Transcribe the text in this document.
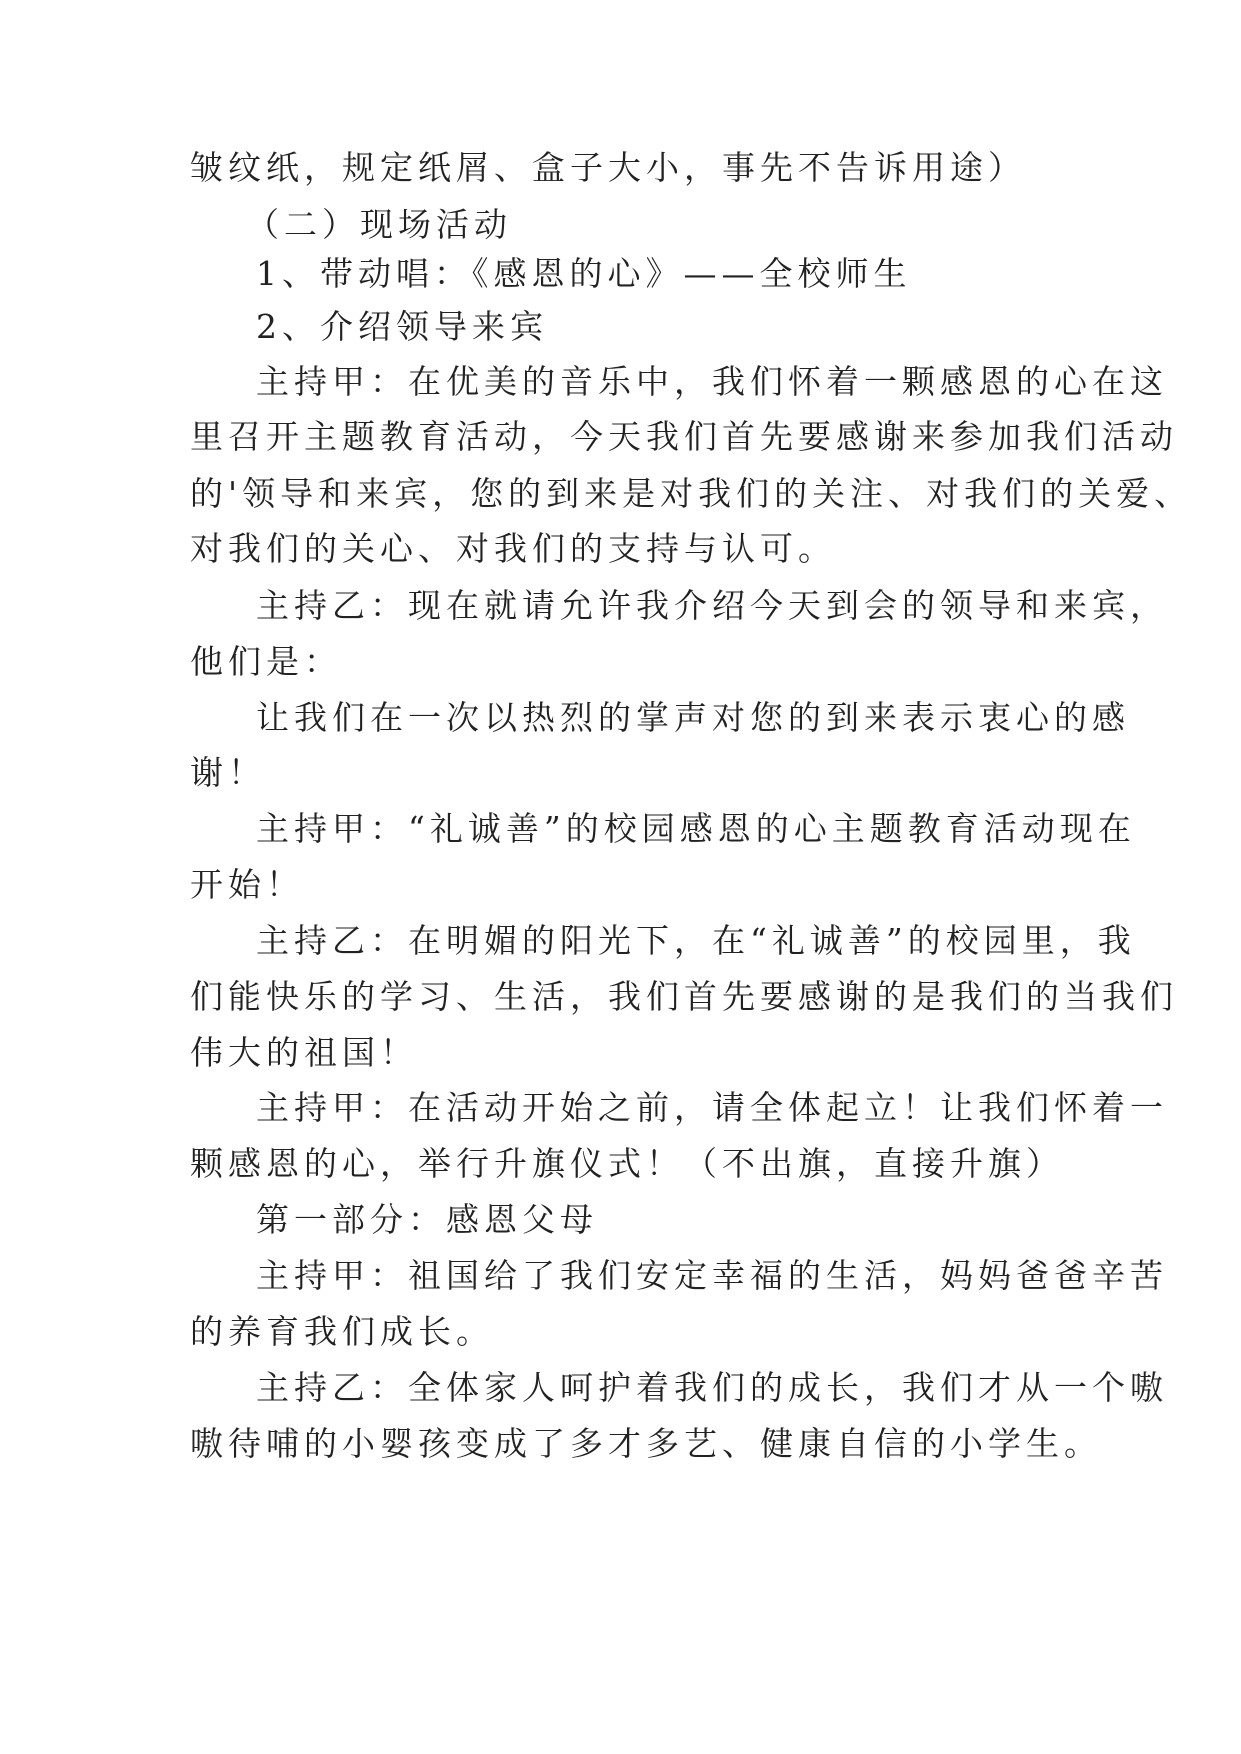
皱纹纸，规定纸屑、盒子大小，事先不告诉用途）
（二）现场活动
1、带动唱：《感恩的心》——全校师生
2、介绍领导来宾
主持甲：在优美的音乐中，我们怀着一颗感恩的心在这
里召开主题教育活动，今天我们首先要感谢来参加我们活动
的'领导和来宾，您的到来是对我们的关注、对我们的关爱、
对我们的关心、对我们的支持与认可。
主持乙：现在就请允许我介绍今天到会的领导和来宾，
他们是：
让我们在一次以热烈的掌声对您的到来表示衷心的感
谢！
主持甲：“礼诚善”的校园感恩的心主题教育活动现在
开始！
主持乙：在明媚的阳光下，在“礼诚善”的校园里，我
们能快乐的学习、生活，我们首先要感谢的是我们的当我们
伟大的祖国！
主持甲：在活动开始之前，请全体起立！让我们怀着一
颗感恩的心，举行升旗仪式！（不出旗，直接升旗）
第一部分：感恩父母
主持甲：祖国给了我们安定幸福的生活，妈妈爸爸辛苦
的养育我们成长。
主持乙：全体家人呵护着我们的成长，我们才从一个嗷
嗷待哺的小婴孩变成了多才多艺、健康自信的小学生。
